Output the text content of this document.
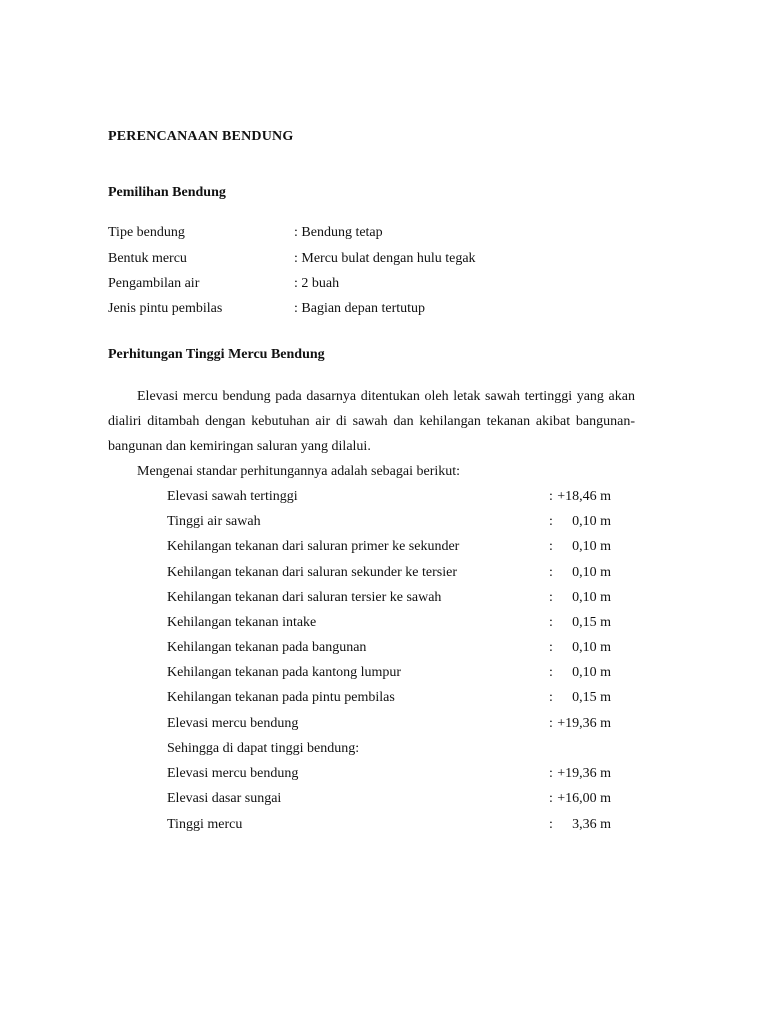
PERENCANAAN BENDUNG
Pemilihan Bendung
Tipe bendung	: Bendung tetap
Bentuk mercu	: Mercu bulat dengan hulu tegak
Pengambilan air	: 2 buah
Jenis pintu pembilas	: Bagian depan tertutup
Perhitungan Tinggi Mercu Bendung
Elevasi mercu bendung pada dasarnya ditentukan oleh letak sawah tertinggi yang akan dialiri ditambah dengan kebutuhan air di sawah dan kehilangan tekanan akibat bangunan-bangunan dan kemiringan saluran yang dilalui.
Mengenai standar perhitungannya adalah sebagai berikut:
Elevasi sawah tertinggi	: +18,46 m
Tinggi air sawah	: 0,10 m
Kehilangan tekanan dari saluran primer ke sekunder	: 0,10 m
Kehilangan tekanan dari saluran sekunder ke tersier	: 0,10 m
Kehilangan tekanan dari saluran tersier ke sawah	: 0,10 m
Kehilangan tekanan intake	: 0,15 m
Kehilangan tekanan pada bangunan	: 0,10 m
Kehilangan tekanan pada kantong lumpur	: 0,10 m
Kehilangan tekanan pada pintu pembilas	: 0,15 m
Elevasi mercu bendung	: +19,36 m
Sehingga di dapat tinggi bendung:
Elevasi mercu bendung	: +19,36 m
Elevasi dasar sungai	: +16,00 m
Tinggi mercu	: 3,36 m
